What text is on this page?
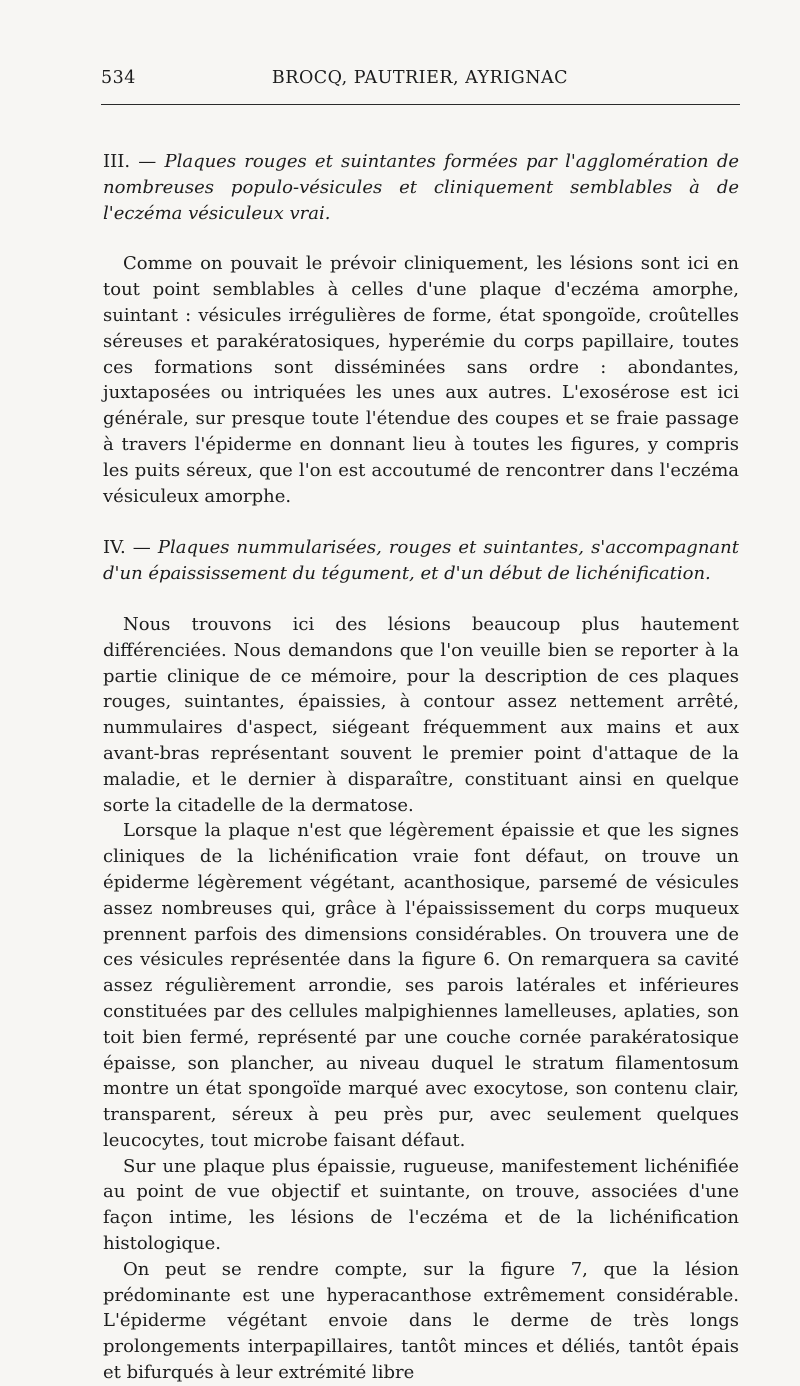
534	BROCQ, PAUTRIER, AYRIGNAC

III. — Plaques rouges et suintantes formées par l'agglomération de nombreuses populo-vésicules et cliniquement semblables à de l'eczéma vésiculeux vrai.

Comme on pouvait le prévoir cliniquement, les lésions sont ici en tout point semblables à celles d'une plaque d'eczéma amorphe, suintant : vésicules irrégulières de forme, état spongoïde, croûtelles séreuses et parakératosiques, hyperémie du corps papillaire, toutes ces formations sont disséminées sans ordre : abondantes, juxtaposées ou intriquées les unes aux autres. L'exosérose est ici générale, sur presque toute l'étendue des coupes et se fraie passage à travers l'épiderme en donnant lieu à toutes les figures, y compris les puits séreux, que l'on est accoutumé de rencontrer dans l'eczéma vésiculeux amorphe.

IV. — Plaques nummularisées, rouges et suintantes, s'accompagnant d'un épaississement du tégument, et d'un début de lichénification.

Nous trouvons ici des lésions beaucoup plus hautement différenciées. Nous demandons que l'on veuille bien se reporter à la partie clinique de ce mémoire, pour la description de ces plaques rouges, suintantes, épaissies, à contour assez nettement arrêté, nummulaires d'aspect, siégeant fréquemment aux mains et aux avant-bras représentant souvent le premier point d'attaque de la maladie, et le dernier à disparaître, constituant ainsi en quelque sorte la citadelle de la dermatose.

Lorsque la plaque n'est que légèrement épaissie et que les signes cliniques de la lichénification vraie font défaut, on trouve un épiderme légèrement végétant, acanthosique, parsemé de vésicules assez nombreuses qui, grâce à l'épaississement du corps muqueux prennent parfois des dimensions considérables. On trouvera une de ces vésicules représentée dans la figure 6. On remarquera sa cavité assez régulièrement arrondie, ses parois latérales et inférieures constituées par des cellules malpighiennes lamelleuses, aplaties, son toit bien fermé, représenté par une couche cornée parakératosique épaisse, son plancher, au niveau duquel le stratum filamentosum montre un état spongoïde marqué avec exocytose, son contenu clair, transparent, séreux à peu près pur, avec seulement quelques leucocytes, tout microbe faisant défaut.

Sur une plaque plus épaissie, rugueuse, manifestement lichénifiée au point de vue objectif et suintante, on trouve, associées d'une façon intime, les lésions de l'eczéma et de la lichénification histologique.

On peut se rendre compte, sur la figure 7, que la lésion prédominante est une hyperacanthose extrêmement considérable. L'épiderme végétant envoie dans le derme de très longs prolongements interpapillaires, tantôt minces et déliés, tantôt épais et bifurqués à leur extrémité libre
